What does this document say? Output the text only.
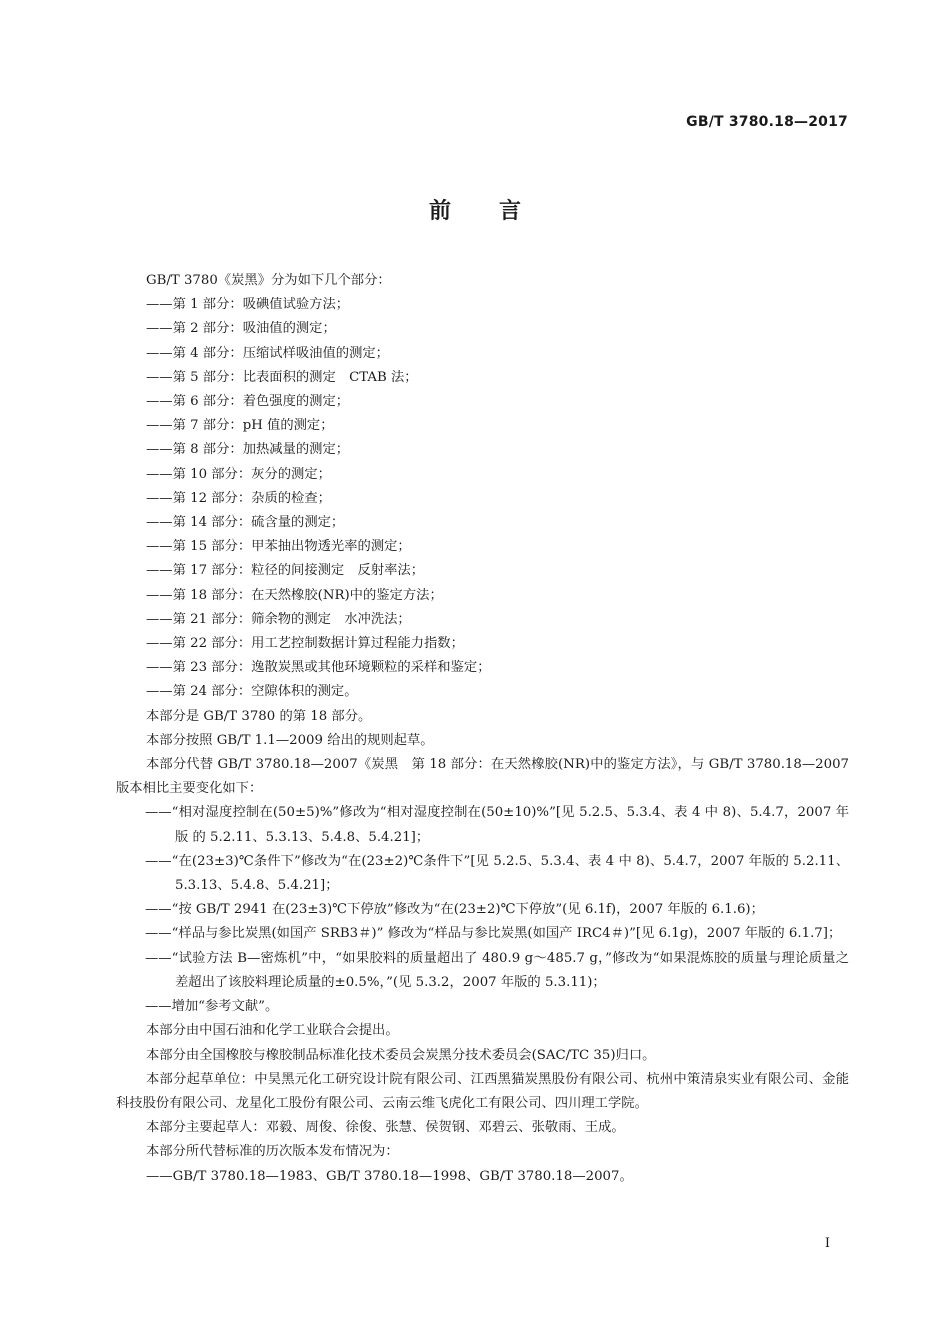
GB/T 3780.18—2017
前言

GB/T 3780《炭黑》分为如下几个部分：

——第 1 部分：吸碘值试验方法；

——第 2 部分：吸油值的测定；

——第 4 部分：压缩试样吸油值的测定；

——第 5 部分：比表面积的测定　CTAB 法；

——第 6 部分：着色强度的测定；

——第 7 部分：pH 值的测定；

——第 8 部分：加热减量的测定；

——第 10 部分：灰分的测定；

——第 12 部分：杂质的检查；

——第 14 部分：硫含量的测定；

——第 15 部分：甲苯抽出物透光率的测定；

——第 17 部分：粒径的间接测定　反射率法；

——第 18 部分：在天然橡胶(NR)中的鉴定方法；

——第 21 部分：筛余物的测定　水冲洗法；

——第 22 部分：用工艺控制数据计算过程能力指数；

——第 23 部分：逸散炭黑或其他环境颗粒的采样和鉴定；

——第 24 部分：空隙体积的测定。

本部分是 GB/T 3780 的第 18 部分。

本部分按照 GB/T 1.1—2009 给出的规则起草。

本部分代替 GB/T 3780.18—2007《炭黑　第 18 部分：在天然橡胶(NR)中的鉴定方法》，与 GB/T 3780.18—2007 版本相比主要变化如下：

——“相对湿度控制在(50±5)%”修改为“相对湿度控制在(50±10)%”[见 5.2.5、5.3.4、表 4 中 8)、5.4.7，2007 年版 的 5.2.11、5.3.13、5.4.8、5.4.21]；

——“在(23±3)℃条件下”修改为“在(23±2)℃条件下”[见 5.2.5、5.3.4、表 4 中 8)、5.4.7，2007 年版的 5.2.11、5.3.13、5.4.8、5.4.21]；

——“按 GB/T 2941 在(23±3)℃下停放”修改为“在(23±2)℃下停放”(见 6.1f)，2007 年版的 6.1.6)；

——“样品与参比炭黑(如国产 SRB3＃)” 修改为“样品与参比炭黑(如国产 IRC4＃)”[见 6.1g)，2007 年版的 6.1.7]；

——“试验方法 B—密炼机”中，“如果胶料的质量超出了 480.9 g～485.7 g，”修改为“如果混炼胶的质量与理论质量之差超出了该胶料理论质量的±0.5%，”(见 5.3.2，2007 年版的 5.3.11)；

——增加“参考文献”。

本部分由中国石油和化学工业联合会提出。

本部分由全国橡胶与橡胶制品标准化技术委员会炭黑分技术委员会(SAC/TC 35)归口。

本部分起草单位：中昊黑元化工研究设计院有限公司、江西黑猫炭黑股份有限公司、杭州中策清泉实业有限公司、金能科技股份有限公司、龙星化工股份有限公司、云南云维飞虎化工有限公司、四川理工学院。

本部分主要起草人：邓毅、周俊、徐俊、张慧、侯贺钢、邓碧云、张敬雨、王成。

本部分所代替标准的历次版本发布情况为：

——GB/T 3780.18—1983、GB/T 3780.18—1998、GB/T 3780.18—2007。

I
